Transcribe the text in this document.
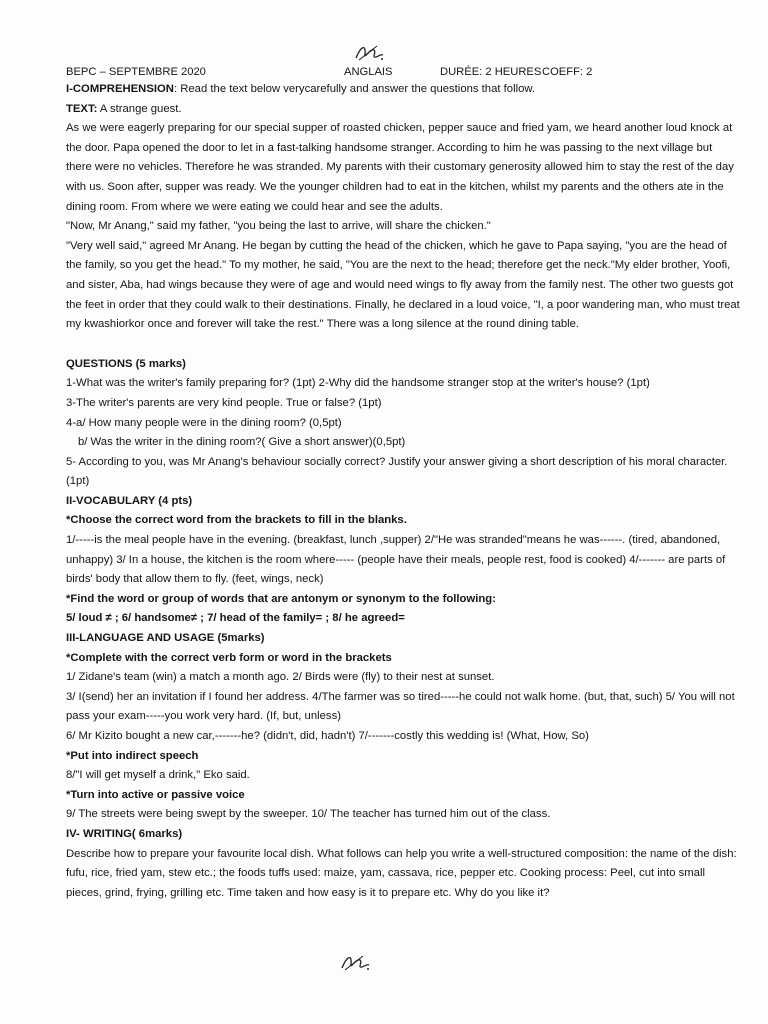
BEPC – SEPTEMBRE 2020	ANGLAIS	DURÉE: 2 HEURES COEFF: 2

I-COMPREHENSION: Read the text below verycarefully and answer the questions that follow.

TEXT: A strange guest.

As we were eagerly preparing for our special supper of roasted chicken, pepper sauce and fried yam, we heard another loud knock at the door. Papa opened the door to let in a fast-talking handsome stranger. According to him he was passing to the next village but there were no vehicles. Therefore he was stranded. My parents with their customary generosity allowed him to stay the rest of the day with us. Soon after, supper was ready. We the younger children had to eat in the kitchen, whilst my parents and the others ate in the dining room. From where we were eating we could hear and see the adults.

"Now, Mr Anang," said my father, "you being the last to arrive, will share the chicken."

"Very well said," agreed Mr Anang. He began by cutting the head of the chicken, which he gave to Papa saying, "you are the head of the family, so you get the head." To my mother, he said, "You are the next to the head; therefore get the neck."My elder brother, Yoofi, and sister, Aba, had wings because they were of age and would need wings to fly away from the family nest. The other two guests got the feet in order that they could walk to their destinations. Finally, he declared in a loud voice, "I, a poor wandering man, who must treat my kwashiorkor once and forever will take the rest." There was a long silence at the round dining table.

QUESTIONS (5 marks)

1-What was the writer's family preparing for? (1pt) 2-Why did the handsome stranger stop at the writer's house? (1pt)

3-The writer's parents are very kind people. True or false? (1pt)

4-a/ How many people were in the dining room? (0,5pt)

b/ Was the writer in the dining room?( Give a short answer)(0,5pt)

5- According to you, was Mr Anang's behaviour socially correct? Justify your answer giving a short description of his moral character. (1pt)

II-VOCABULARY (4 pts)

*Choose the correct word from the brackets to fill in the blanks.

1/-----is the meal people have in the evening. (breakfast, lunch ,supper) 2/"He was stranded"means he was------. (tired, abandoned, unhappy) 3/ In a house, the kitchen is the room where----- (people have their meals, people rest, food is cooked) 4/------- are parts of birds' body that allow them to fly. (feet, wings, neck)

*Find the word or group of words that are antonym or synonym to the following:

5/ loud ≠ ; 6/ handsome≠ ; 7/ head of the family= ; 8/ he agreed=

III-LANGUAGE AND USAGE (5marks)

*Complete with the correct verb form or word in the brackets

1/ Zidane's team (win) a match a month ago. 2/ Birds were (fly) to their nest at sunset.

3/ I(send) her an invitation if I found her address. 4/The farmer was so tired-----he could not walk home. (but, that, such) 5/ You will not pass your exam-----you work very hard. (If, but, unless)

6/ Mr Kizito bought a new car,-------he? (didn't, did, hadn't) 7/-------costly this wedding is! (What, How, So)

*Put into indirect speech

8/"I will get myself a drink," Eko said.

*Turn into active or passive voice

9/ The streets were being swept by the sweeper. 10/ The teacher has turned him out of the class.

IV- WRITING( 6marks)

Describe how to prepare your favourite local dish. What follows can help you write a well-structured composition: the name of the dish: fufu, rice, fried yam, stew etc.; the foods tuffs used: maize, yam, cassava, rice, pepper etc. Cooking process: Peel, cut into small pieces, grind, frying, grilling etc. Time taken and how easy is it to prepare etc. Why do you like it?
